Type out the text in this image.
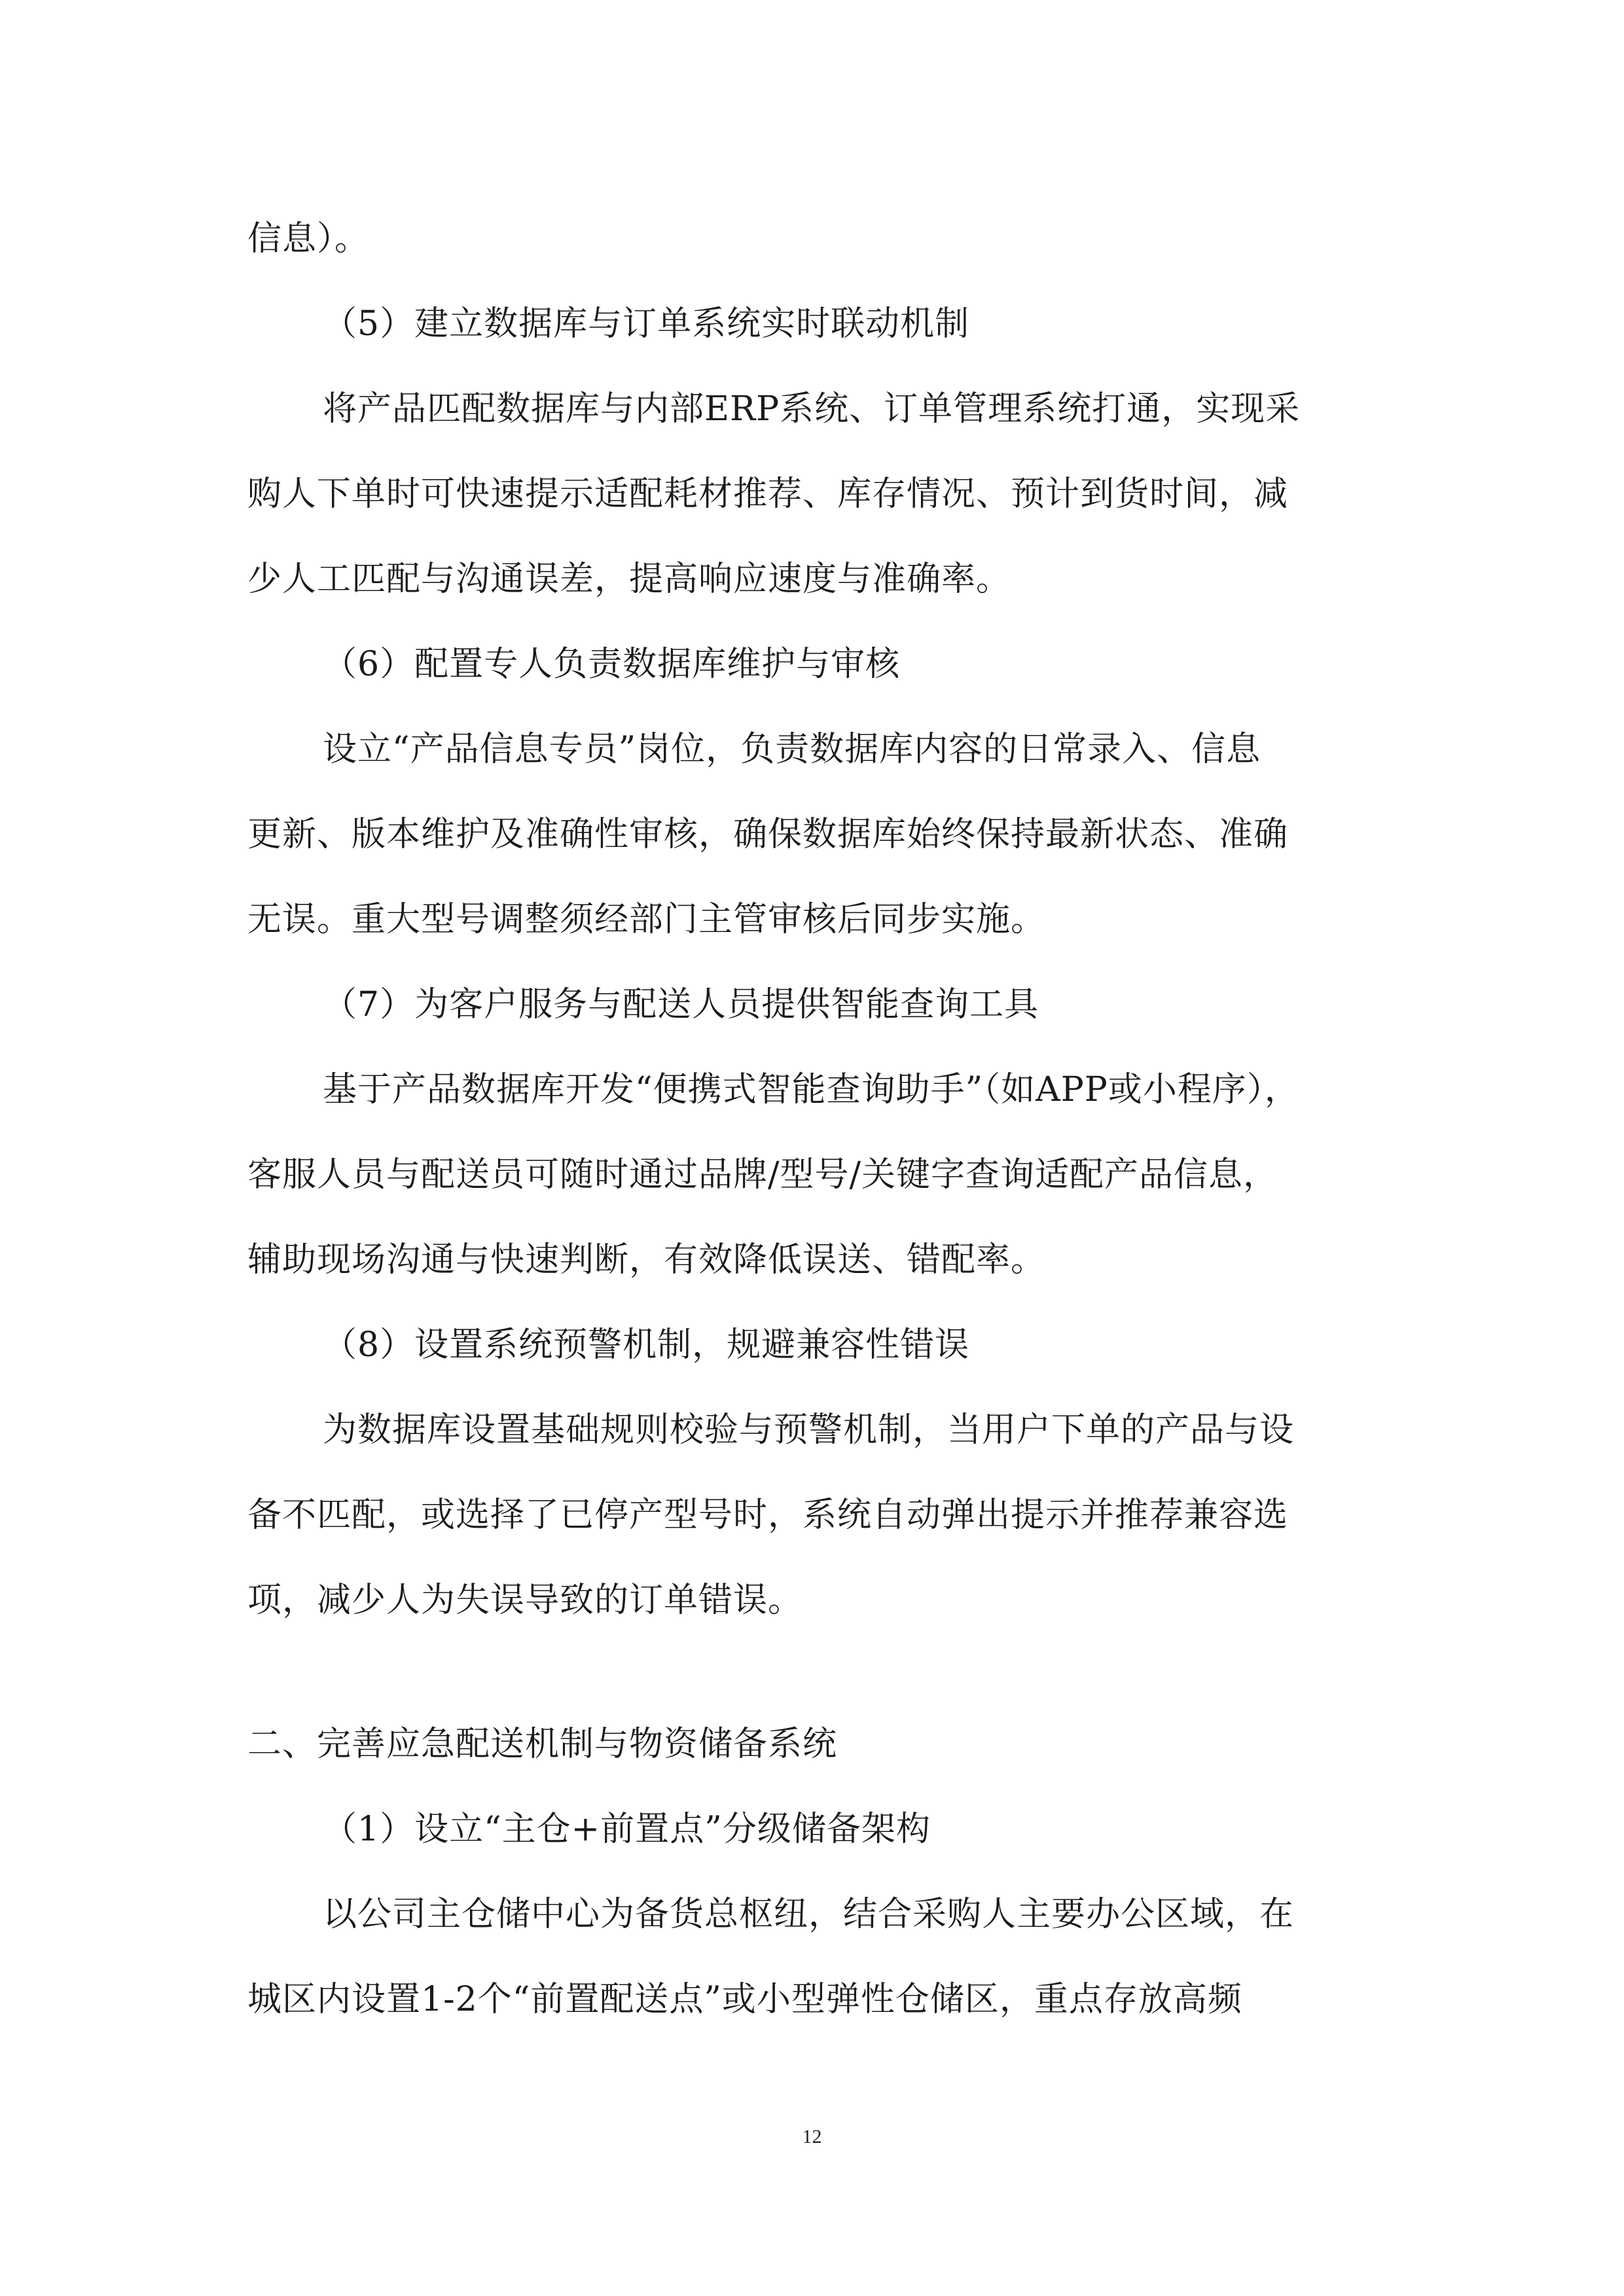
信息）。
（5）建立数据库与订单系统实时联动机制
将产品匹配数据库与内部ERP系统、订单管理系统打通，实现采
购人下单时可快速提示适配耗材推荐、库存情况、预计到货时间，减
少人工匹配与沟通误差，提高响应速度与准确率。
（6）配置专人负责数据库维护与审核
设立“产品信息专员”岗位，负责数据库内容的日常录入、信息
更新、版本维护及准确性审核，确保数据库始终保持最新状态、准确
无误。重大型号调整须经部门主管审核后同步实施。
（7）为客户服务与配送人员提供智能查询工具
基于产品数据库开发“便携式智能查询助手”（如APP或小程序），
客服人员与配送员可随时通过品牌/型号/关键字查询适配产品信息，
辅助现场沟通与快速判断，有效降低误送、错配率。
（8）设置系统预警机制，规避兼容性错误
为数据库设置基础规则校验与预警机制，当用户下单的产品与设
备不匹配，或选择了已停产型号时，系统自动弹出提示并推荐兼容选
项，减少人为失误导致的订单错误。
二、完善应急配送机制与物资储备系统
（1）设立“主仓+前置点”分级储备架构
以公司主仓储中心为备货总枢纽，结合采购人主要办公区域，在
城区内设置1-2个“前置配送点”或小型弹性仓储区，重点存放高频
12
